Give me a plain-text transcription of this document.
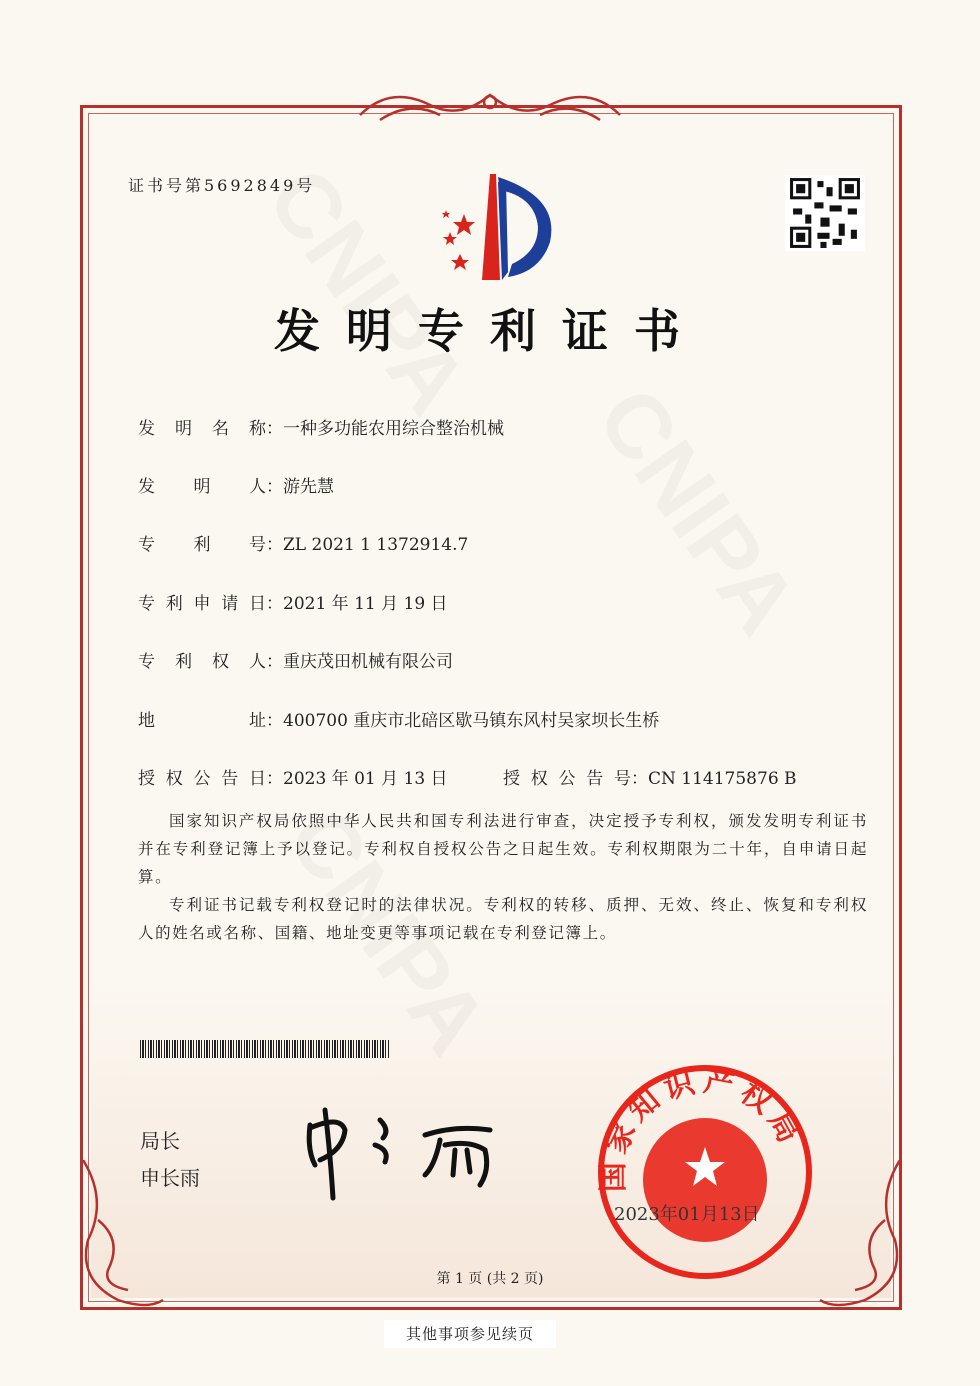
证书号第5692849号
发明专利证书
发明名称：一种多功能农用综合整治机械
发明人：游先慧
专利号：ZL 2021 1 1372914.7
专利申请日：2021 年 11 月 19 日
专利权人：重庆茂田机械有限公司
地址：400700 重庆市北碚区歇马镇东风村吴家坝长生桥
授权公告日：2023 年 01 月 13 日	授权公告号：CN 114175876 B
国家知识产权局依照中华人民共和国专利法进行审查，决定授予专利权，颁发发明专利证书并在专利登记簿上予以登记。专利权自授权公告之日起生效。专利权期限为二十年，自申请日起算。
专利证书记载专利权登记时的法律状况。专利权的转移、质押、无效、终止、恢复和专利权人的姓名或名称、国籍、地址变更等事项记载在专利登记簿上。
局长
申长雨	国家知识产权局
2023年01月13日
第 1 页 (共 2 页)
其他事项参见续页
